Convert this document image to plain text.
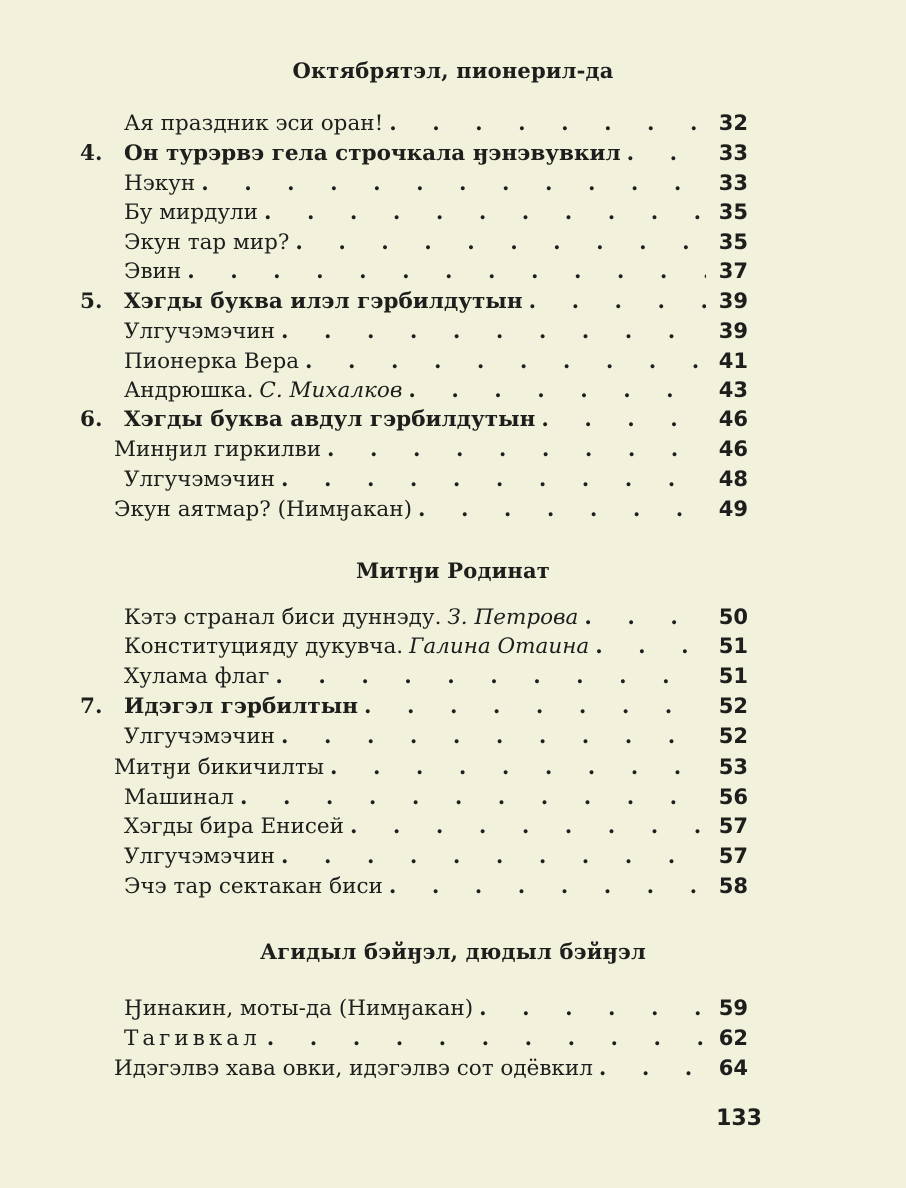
Октябрятэл, пионерил-да
Ая праздник эси оран! . . .	32
4.	Он турэрвэ гела строчкала ӈэнэвувкил . . .	33
Нэкун . . .	33
Бу мирдули . . .	35
Экун тар мир? . . .	35
Эвин . . .	37
5.	Хэгды буква илэл гэрбилдутын . . .	39
Улгучэмэчин . . .	39
Пионерка Вера . . .	41
Андрюшка. С. Михалков . . .	43
6.	Хэгды буква авдул гэрбилдутын . . .	46
Минӈил гиркилви . . .	46
Улгучэмэчин . . .	48
Экун аятмар? (Нимӈакан) . . .	49
Митӈи Родинат
Кэтэ странал биси дуннэду. З. Петрова . . .	50
Конституцияду дукувча. Галина Отаина . . .	51
Хулама флаг . . .	51
7.	Идэгэл гэрбилтын . . .	52
Улгучэмэчин . . .	52
Митӈи бикичилты . . .	53
Машинал . . .	56
Хэгды бира Енисей . . .	57
Улгучэмэчин . . .	57
Эчэ тар сектакан биси . . .	58
Агидыл бэйӈэл, дюдыл бэйӈэл
Ӈинакин, моты-да (Нимӈакан) . . .	59
Тагивкал . . .	62
Идэгэлвэ хава овки, идэгэлвэ сот одёвкил . . .	64
133
